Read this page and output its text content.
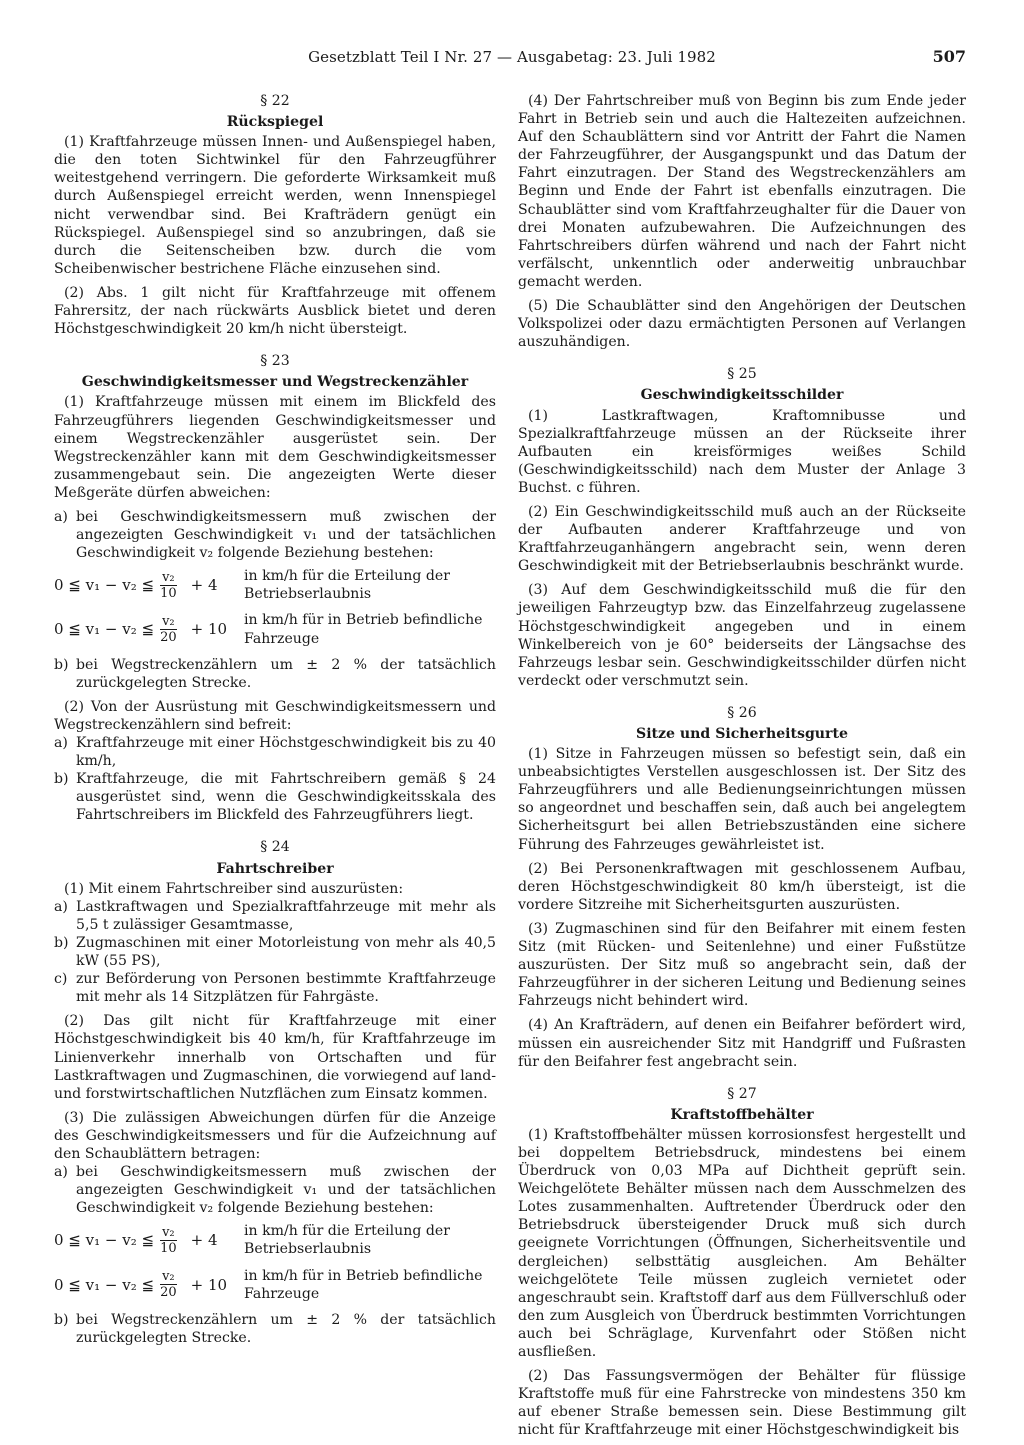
Gesetzblatt Teil I Nr. 27 — Ausgabetag: 23. Juli 1982	507

§ 22

Rückspiegel

(1) Kraftfahrzeuge müssen Innen- und Außenspiegel haben, die den toten Sichtwinkel für den Fahrzeugführer weitestgehend verringern. Die geforderte Wirksamkeit muß durch Außenspiegel erreicht werden, wenn Innenspiegel nicht verwendbar sind. Bei Krafträdern genügt ein Rückspiegel. Außenspiegel sind so anzubringen, daß sie durch die Seitenscheiben bzw. durch die vom Scheibenwischer bestrichene Fläche einzusehen sind.

(2) Abs. 1 gilt nicht für Kraftfahrzeuge mit offenem Fahrersitz, der nach rückwärts Ausblick bietet und deren Höchstgeschwindigkeit 20 km/h nicht übersteigt.

§ 23

Geschwindigkeitsmesser und Wegstreckenzähler

(1) Kraftfahrzeuge müssen mit einem im Blickfeld des Fahrzeugführers liegenden Geschwindigkeitsmesser und einem Wegstreckenzähler ausgerüstet sein. Der Wegstreckenzähler kann mit dem Geschwindigkeitsmesser zusammengebaut sein. Die angezeigten Werte dieser Meßgeräte dürfen abweichen:

a) bei Geschwindigkeitsmessern muß zwischen der angezeigten Geschwindigkeit v₁ und der tatsächlichen Geschwindigkeit v₂ folgende Beziehung bestehen:
0 ≦ v₁ − v₂ ≦ $\frac{\text{v₂}}{10} + 4$
in km/h für die Erteilung der Betriebserlaubnis
0 ≦ v₁ − v₂ ≦ $\frac{\text{v₂}}{20} + 10$
in km/h für in Betrieb befindliche Fahrzeuge
b) bei Wegstreckenzählern um ± 2 % der tatsächlich zurückgelegten Strecke.

(2) Von der Ausrüstung mit Geschwindigkeitsmessern und Wegstreckenzählern sind befreit:

a) Kraftfahrzeuge mit einer Höchstgeschwindigkeit bis zu 40 km/h,
b) Kraftfahrzeuge, die mit Fahrtschreibern gemäß § 24 ausgerüstet sind, wenn die Geschwindigkeitsskala des Fahrtschreibers im Blickfeld des Fahrzeugführers liegt.

§ 24

Fahrtschreiber

(1) Mit einem Fahrtschreiber sind auszurüsten:

a) Lastkraftwagen und Spezialkraftfahrzeuge mit mehr als 5,5 t zulässiger Gesamtmasse,
b) Zugmaschinen mit einer Motorleistung von mehr als 40,5 kW (55 PS),
c) zur Beförderung von Personen bestimmte Kraftfahrzeuge mit mehr als 14 Sitzplätzen für Fahrgäste.

(2) Das gilt nicht für Kraftfahrzeuge mit einer Höchstgeschwindigkeit bis 40 km/h, für Kraftfahrzeuge im Linienverkehr innerhalb von Ortschaften und für Lastkraftwagen und Zugmaschinen, die vorwiegend auf land- und forstwirtschaftlichen Nutzflächen zum Einsatz kommen.

(3) Die zulässigen Abweichungen dürfen für die Anzeige des Geschwindigkeitsmessers und für die Aufzeichnung auf den Schaublättern betragen:

a) bei Geschwindigkeitsmessern muß zwischen der angezeigten Geschwindigkeit v₁ und der tatsächlichen Geschwindigkeit v₂ folgende Beziehung bestehen:
0 ≦ v₁ − v₂ ≦ $\frac{\text{v₂}}{10} + 4$
in km/h für die Erteilung der Betriebserlaubnis
0 ≦ v₁ − v₂ ≦ $\frac{\text{v₂}}{20} + 10$
in km/h für in Betrieb befindliche Fahrzeuge
b) bei Wegstreckenzählern um ± 2 % der tatsächlich zurückgelegten Strecke.

(4) Der Fahrtschreiber muß von Beginn bis zum Ende jeder Fahrt in Betrieb sein und auch die Haltezeiten aufzeichnen. Auf den Schaublättern sind vor Antritt der Fahrt die Namen der Fahrzeugführer, der Ausgangspunkt und das Datum der Fahrt einzutragen. Der Stand des Wegstreckenzählers am Beginn und Ende der Fahrt ist ebenfalls einzutragen. Die Schaublätter sind vom Kraftfahrzeughalter für die Dauer von drei Monaten aufzubewahren. Die Aufzeichnungen des Fahrtschreibers dürfen während und nach der Fahrt nicht verfälscht, unkenntlich oder anderweitig unbrauchbar gemacht werden.

(5) Die Schaublätter sind den Angehörigen der Deutschen Volkspolizei oder dazu ermächtigten Personen auf Verlangen auszuhändigen.

§ 25

Geschwindigkeitsschilder

(1) Lastkraftwagen, Kraftomnibusse und Spezialkraftfahrzeuge müssen an der Rückseite ihrer Aufbauten ein kreisförmiges weißes Schild (Geschwindigkeitsschild) nach dem Muster der Anlage 3 Buchst. c führen.

(2) Ein Geschwindigkeitsschild muß auch an der Rückseite der Aufbauten anderer Kraftfahrzeuge und von Kraftfahrzeuganhängern angebracht sein, wenn deren Geschwindigkeit mit der Betriebserlaubnis beschränkt wurde.

(3) Auf dem Geschwindigkeitsschild muß die für den jeweiligen Fahrzeugtyp bzw. das Einzelfahrzeug zugelassene Höchstgeschwindigkeit angegeben und in einem Winkelbereich von je 60° beiderseits der Längsachse des Fahrzeugs lesbar sein. Geschwindigkeitsschilder dürfen nicht verdeckt oder verschmutzt sein.

§ 26

Sitze und Sicherheitsgurte

(1) Sitze in Fahrzeugen müssen so befestigt sein, daß ein unbeabsichtigtes Verstellen ausgeschlossen ist. Der Sitz des Fahrzeugführers und alle Bedienungseinrichtungen müssen so angeordnet und beschaffen sein, daß auch bei angelegtem Sicherheitsgurt bei allen Betriebszuständen eine sichere Führung des Fahrzeuges gewährleistet ist.

(2) Bei Personenkraftwagen mit geschlossenem Aufbau, deren Höchstgeschwindigkeit 80 km/h übersteigt, ist die vordere Sitzreihe mit Sicherheitsgurten auszurüsten.

(3) Zugmaschinen sind für den Beifahrer mit einem festen Sitz (mit Rücken- und Seitenlehne) und einer Fußstütze auszurüsten. Der Sitz muß so angebracht sein, daß der Fahrzeugführer in der sicheren Leitung und Bedienung seines Fahrzeugs nicht behindert wird.

(4) An Krafträdern, auf denen ein Beifahrer befördert wird, müssen ein ausreichender Sitz mit Handgriff und Fußrasten für den Beifahrer fest angebracht sein.

§ 27

Kraftstoffbehälter

(1) Kraftstoffbehälter müssen korrosionsfest hergestellt und bei doppeltem Betriebsdruck, mindestens bei einem Überdruck von 0,03 MPa auf Dichtheit geprüft sein. Weichgelötete Behälter müssen nach dem Ausschmelzen des Lotes zusammenhalten. Auftretender Überdruck oder den Betriebsdruck übersteigender Druck muß sich durch geeignete Vorrichtungen (Öffnungen, Sicherheitsventile und dergleichen) selbsttätig ausgleichen. Am Behälter weichgelötete Teile müssen zugleich vernietet oder angeschraubt sein. Kraftstoff darf aus dem Füllverschluß oder den zum Ausgleich von Überdruck bestimmten Vorrichtungen auch bei Schräglage, Kurvenfahrt oder Stößen nicht ausfließen.

(2) Das Fassungsvermögen der Behälter für flüssige Kraftstoffe muß für eine Fahrstrecke von mindestens 350 km auf ebener Straße bemessen sein. Diese Bestimmung gilt nicht für Kraftfahrzeuge mit einer Höchstgeschwindigkeit bis
